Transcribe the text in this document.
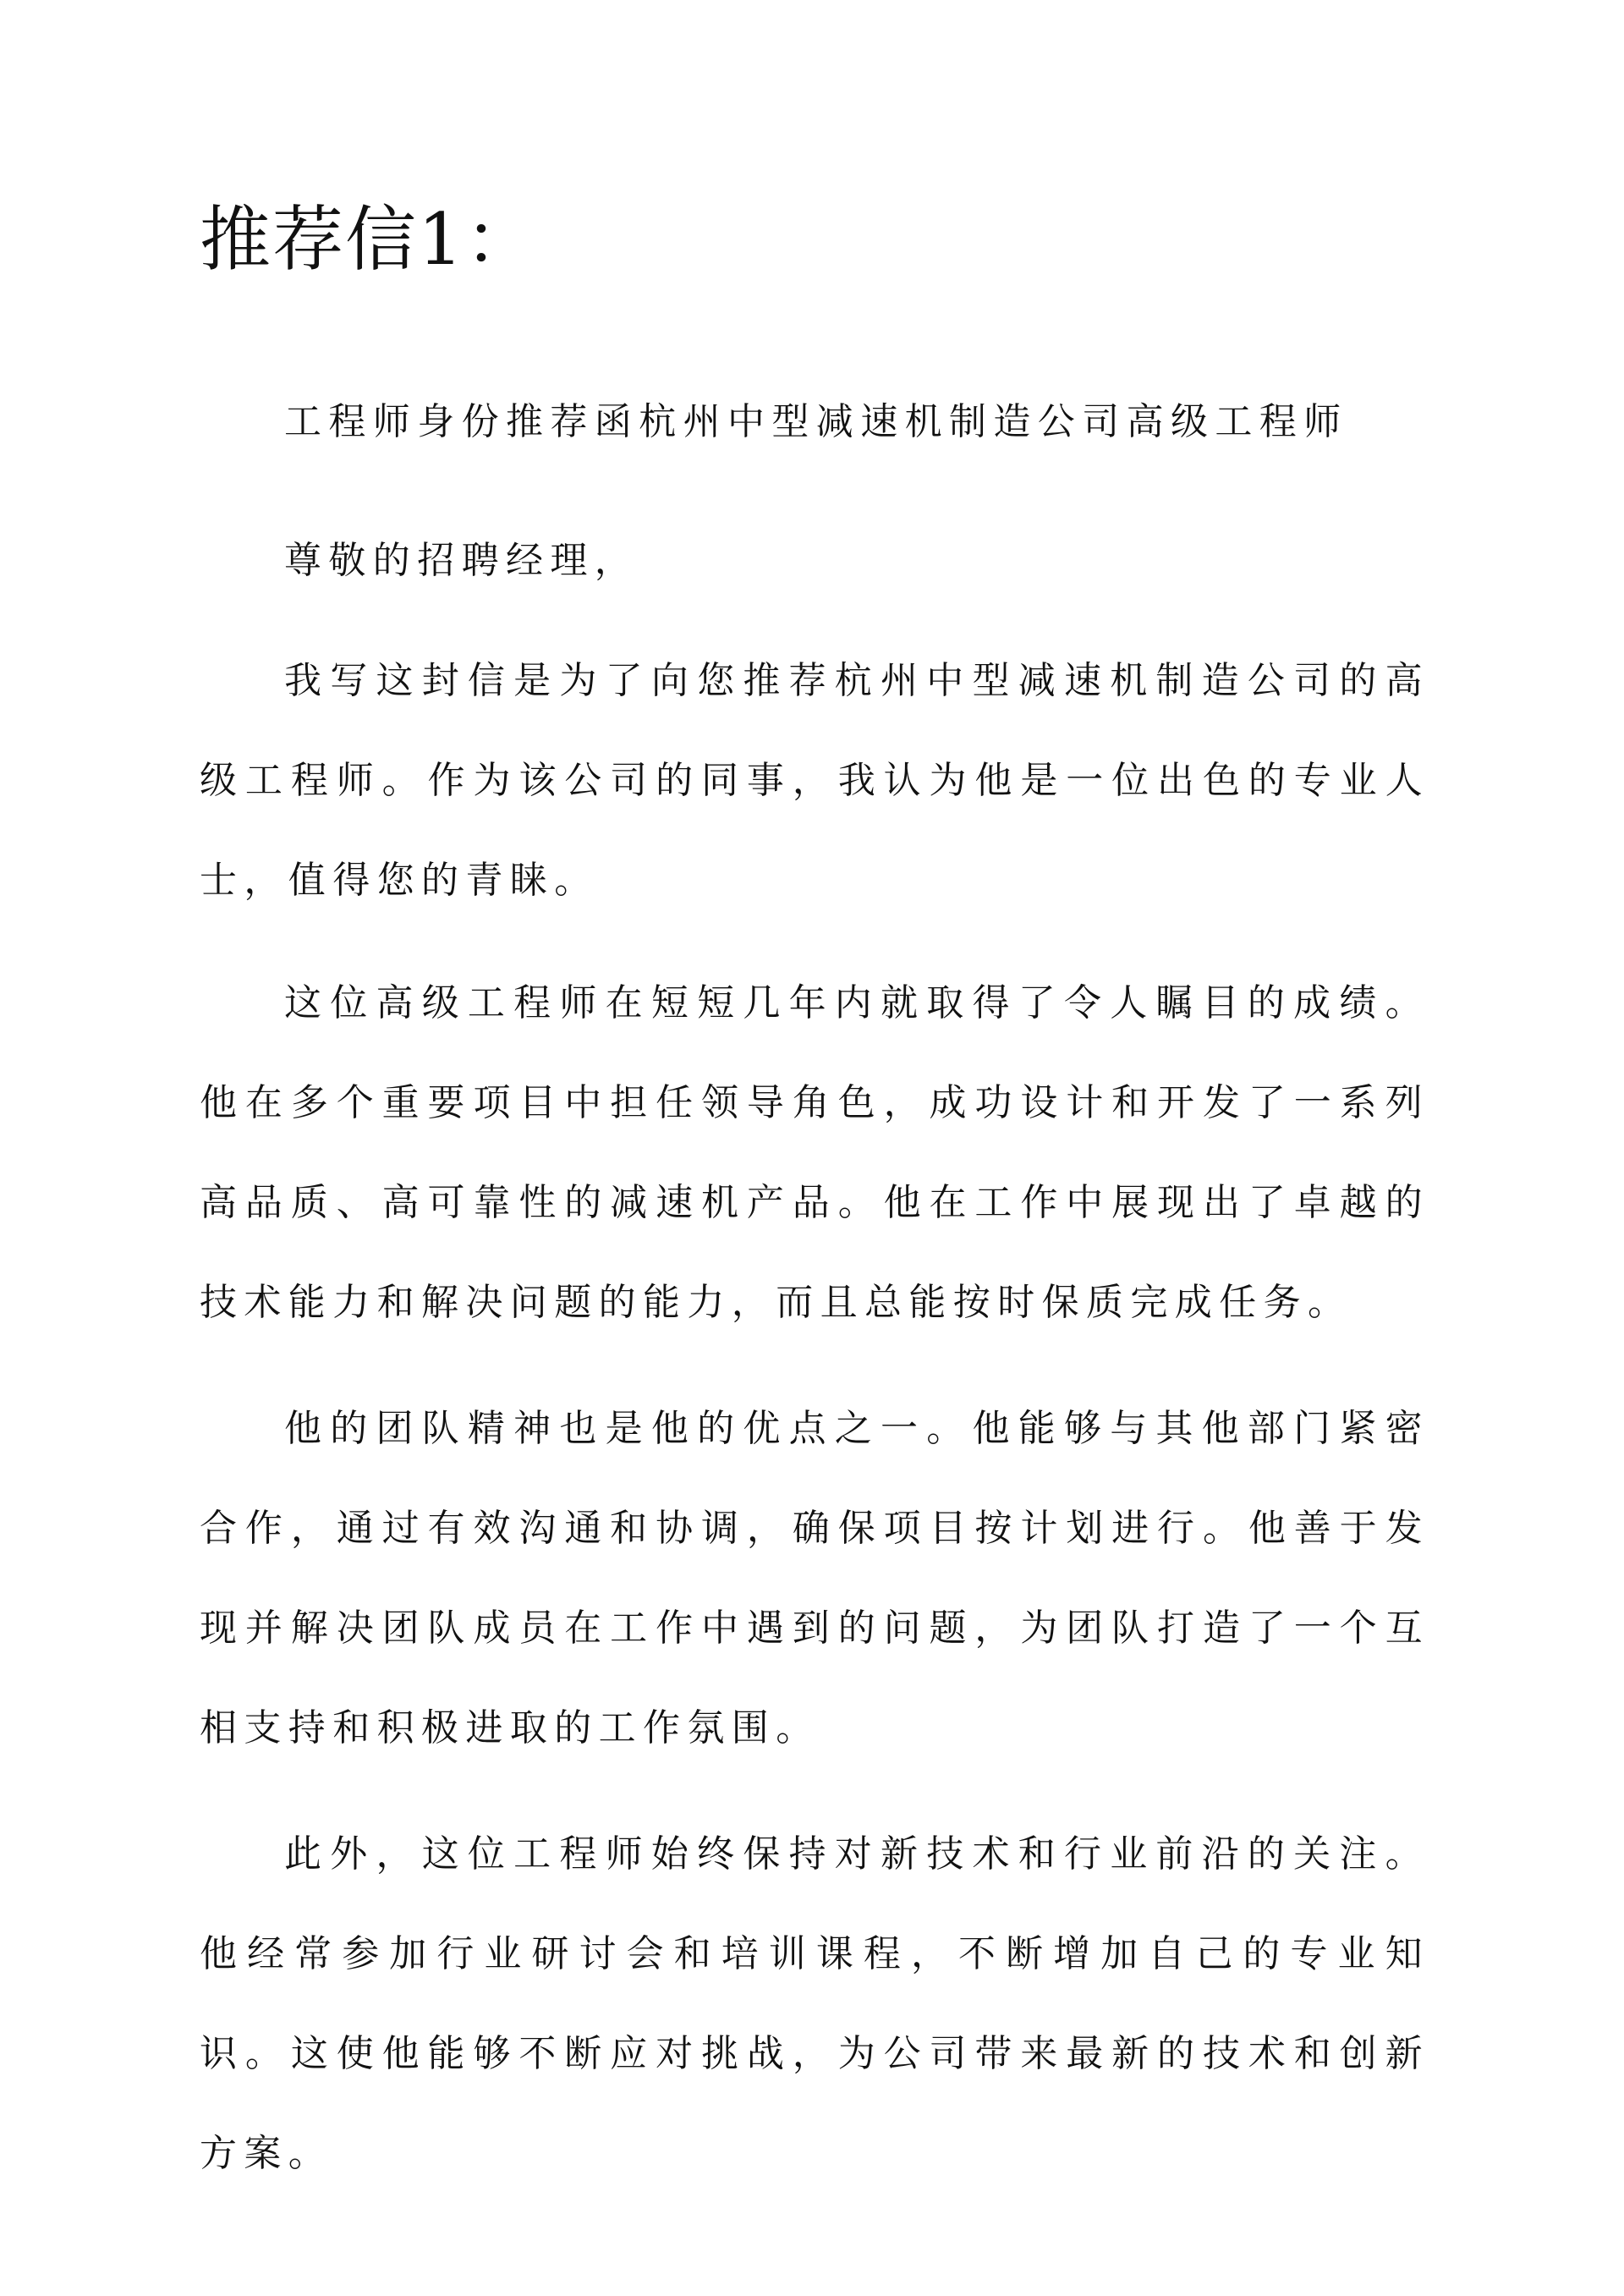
推荐信1：

工程师身份推荐函杭州中型减速机制造公司高级工程师

尊敬的招聘经理，

我写这封信是为了向您推荐杭州中型减速机制造公司的高级工程师。作为该公司的同事，我认为他是一位出色的专业人士，值得您的青睐。

这位高级工程师在短短几年内就取得了令人瞩目的成绩。他在多个重要项目中担任领导角色，成功设计和开发了一系列高品质、高可靠性的减速机产品。他在工作中展现出了卓越的技术能力和解决问题的能力，而且总能按时保质完成任务。

他的团队精神也是他的优点之一。他能够与其他部门紧密合作，通过有效沟通和协调，确保项目按计划进行。他善于发现并解决团队成员在工作中遇到的问题，为团队打造了一个互相支持和积极进取的工作氛围。

此外，这位工程师始终保持对新技术和行业前沿的关注。他经常参加行业研讨会和培训课程，不断增加自己的专业知识。这使他能够不断应对挑战，为公司带来最新的技术和创新方案。
